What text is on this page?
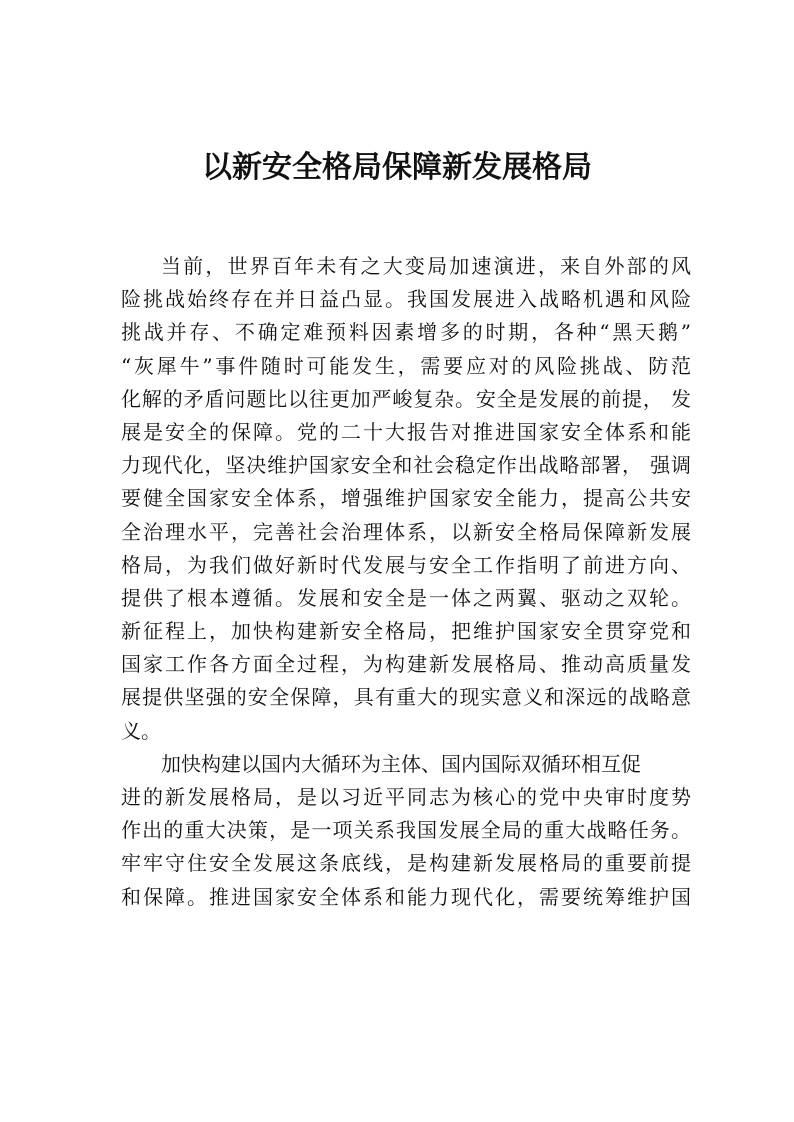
以新安全格局保障新发展格局
当前，世界百年未有之大变局加速演进，来自外部的风
险挑战始终存在并日益凸显。我国发展进入战略机遇和风险
挑战并存、不确定难预料因素增多的时期，各种“黑天鹅”
“灰犀牛”事件随时可能发生，需要应对的风险挑战、防范
化解的矛盾问题比以往更加严峻复杂。安全是发展的前提， 发
展是安全的保障。党的二十大报告对推进国家安全体系和能
力现代化，坚决维护国家安全和社会稳定作出战略部署， 强调
要健全国家安全体系，增强维护国家安全能力，提高公共安
全治理水平，完善社会治理体系，以新安全格局保障新发展
格局，为我们做好新时代发展与安全工作指明了前进方向、
提供了根本遵循。发展和安全是一体之两翼、驱动之双轮。
新征程上，加快构建新安全格局，把维护国家安全贯穿党和
国家工作各方面全过程，为构建新发展格局、推动高质量发
展提供坚强的安全保障，具有重大的现实意义和深远的战略意
义。
加快构建以国内大循环为主体、国内国际双循环相互促
进的新发展格局，是以习近平同志为核心的党中央审时度势
作出的重大决策，是一项关系我国发展全局的重大战略任务。
牢牢守住安全发展这条底线，是构建新发展格局的重要前提
和保障。推进国家安全体系和能力现代化，需要统筹维护国
